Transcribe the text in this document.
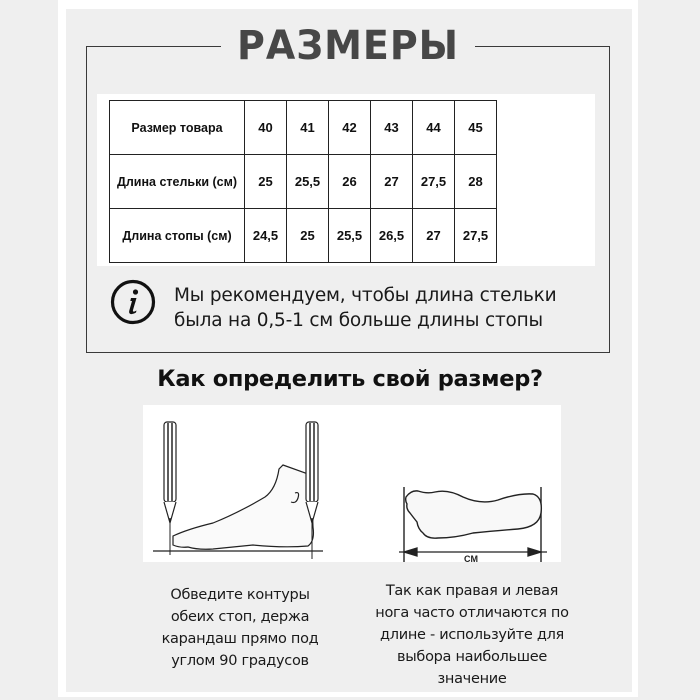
РАЗМЕРЫ
Размер товара	40	41	42	43	44	45
Длина стельки (см)	25	25,5	26	27	27,5	28
Длина стопы (см)	24,5	25	25,5	26,5	27	27,5
Мы рекомендуем, чтобы длина стельки
была на 0,5-1 см больше длины стопы
Как определить свой размер?
CM
Обведите контуры
обеих стоп, держа
карандаш прямо под
углом 90 градусов
Так как правая и левая
нога часто отличаются по
длине - используйте для
выбора наибольшее
значение
